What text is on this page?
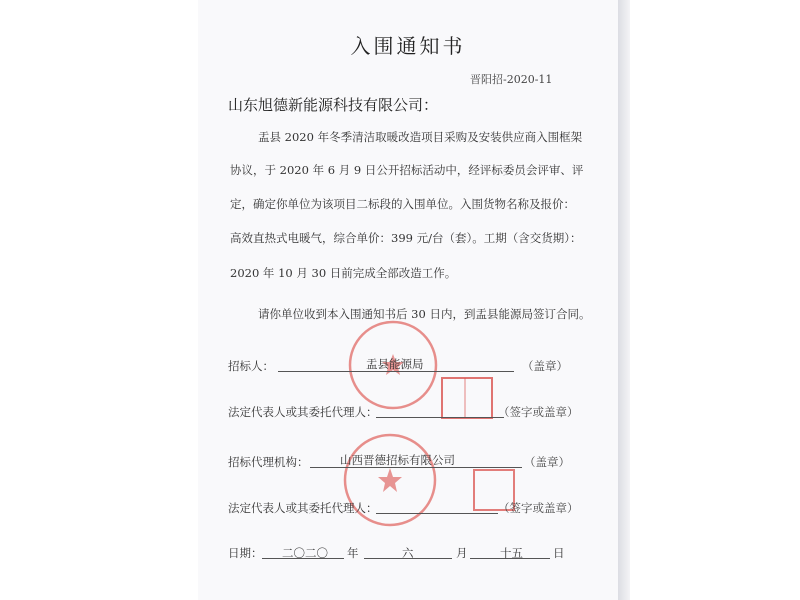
入围通知书
晋阳招-2020-11
山东旭德新能源科技有限公司：
盂县 2020 年冬季清洁取暖改造项目采购及安装供应商入围框架
协议，于 2020 年 6 月 9 日公开招标活动中，经评标委员会评审、评
定，确定你单位为该项目二标段的入围单位。入围货物名称及报价：
高效直热式电暖气，综合单价：399 元/台（套）。工期（含交货期）：
2020 年 10 月 30 日前完成全部改造工作。
请你单位收到本入围通知书后 30 日内，到盂县能源局签订合同。
招标人：	盂县能源局	（盖章）
法定代表人或其委托代理人：	（签字或盖章）
招标代理机构：	山西晋德招标有限公司	（盖章）
法定代表人或其委托代理人：	（签字或盖章）
日期： 二〇二〇 年	六	月	十五	日
